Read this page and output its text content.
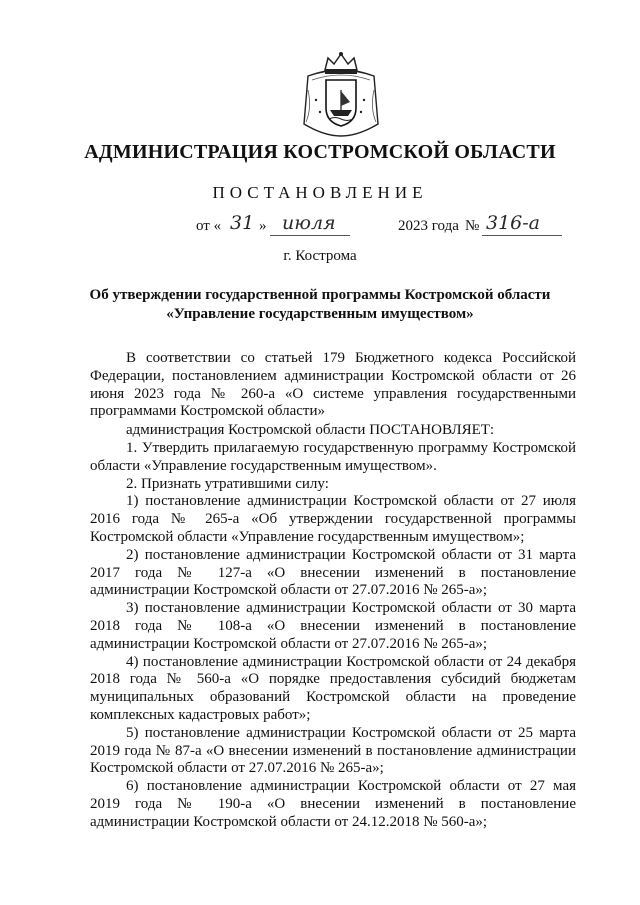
АДМИНИСТРАЦИЯ КОСТРОМСКОЙ ОБЛАСТИ
ПОСТАНОВЛЕНИЕ
от « 31 » июля	2023 года № 316-а
г. Кострома
Об утверждении государственной программы Костромской области
«Управление государственным имуществом»

В соответствии со статьей 179 Бюджетного кодекса Российской Федерации, постановлением администрации Костромской области от 26 июня 2023 года № 260-а «О системе управления государственными программами Костромской области»

администрация Костромской области ПОСТАНОВЛЯЕТ:

1. Утвердить прилагаемую государственную программу Костромской области «Управление государственным имуществом».

2. Признать утратившими силу:

1) постановление администрации Костромской области от 27 июля 2016 года № 265-а «Об утверждении государственной программы Костромской области «Управление государственным имуществом»;

2) постановление администрации Костромской области от 31 марта 2017 года № 127-а «О внесении изменений в постановление администрации Костромской области от 27.07.2016 № 265-а»;

3) постановление администрации Костромской области от 30 марта 2018 года № 108-а «О внесении изменений в постановление администрации Костромской области от 27.07.2016 № 265-а»;

4) постановление администрации Костромской области от 24 декабря 2018 года № 560-а «О порядке предоставления субсидий бюджетам муниципальных образований Костромской области на проведение комплексных кадастровых работ»;

5) постановление администрации Костромской области от 25 марта 2019 года № 87-а «О внесении изменений в постановление администрации Костромской области от 27.07.2016 № 265-а»;

6) постановление администрации Костромской области от 27 мая 2019 года № 190-а «О внесении изменений в постановление администрации Костромской области от 24.12.2018 № 560-а»;
